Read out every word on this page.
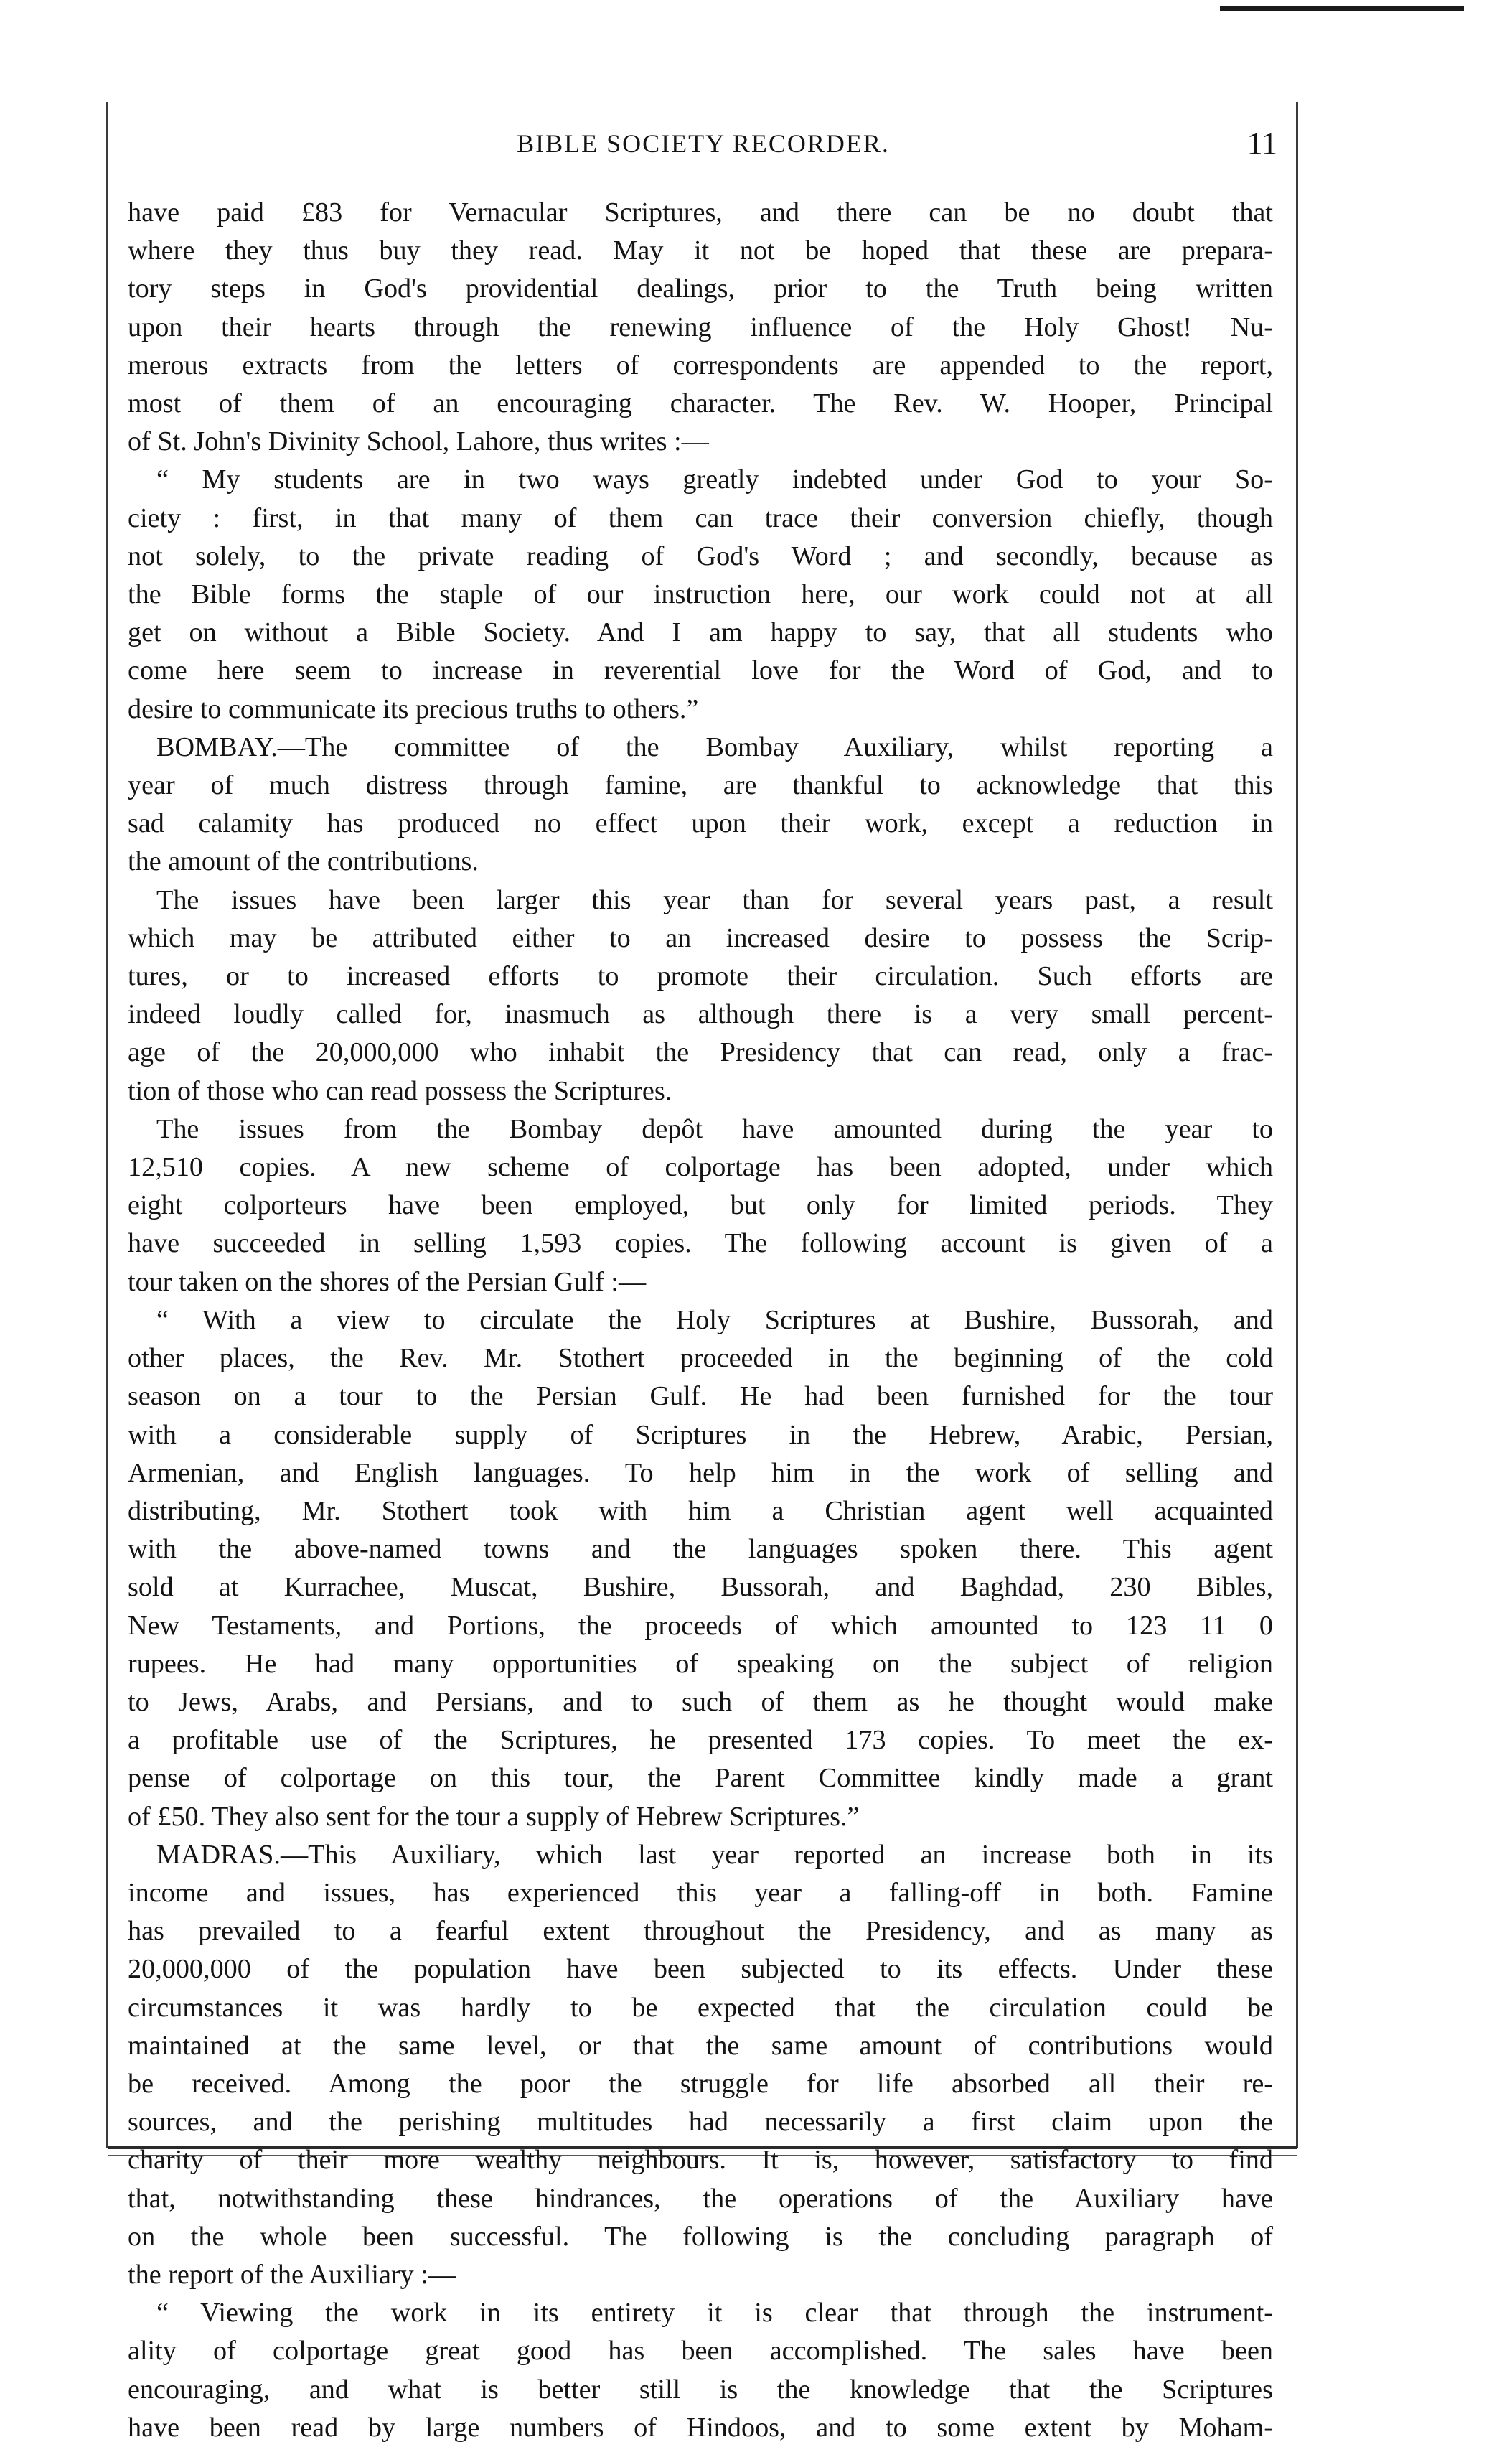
BIBLE SOCIETY RECORDER.	11

have paid £83 for Vernacular Scriptures, and there can be no doubt that

where they thus buy they read. May it not be hoped that these are prepara-

tory steps in God's providential dealings, prior to the Truth being written

upon their hearts through the renewing influence of the Holy Ghost! Nu-

merous extracts from the letters of correspondents are appended to the report,

most of them of an encouraging character. The Rev. W. Hooper, Principal

of St. John's Divinity School, Lahore, thus writes :—

“ My students are in two ways greatly indebted under God to your So-

ciety : first, in that many of them can trace their conversion chiefly, though

not solely, to the private reading of God's Word ; and secondly, because as

the Bible forms the staple of our instruction here, our work could not at all

get on without a Bible Society. And I am happy to say, that all students who

come here seem to increase in reverential love for the Word of God, and to

desire to communicate its precious truths to others.”

BOMBAY.—The committee of the Bombay Auxiliary, whilst reporting a

year of much distress through famine, are thankful to acknowledge that this

sad calamity has produced no effect upon their work, except a reduction in

the amount of the contributions.

The issues have been larger this year than for several years past, a result

which may be attributed either to an increased desire to possess the Scrip-

tures, or to increased efforts to promote their circulation. Such efforts are

indeed loudly called for, inasmuch as although there is a very small percent-

age of the 20,000,000 who inhabit the Presidency that can read, only a frac-

tion of those who can read possess the Scriptures.

The issues from the Bombay depôt have amounted during the year to

12,510 copies. A new scheme of colportage has been adopted, under which

eight colporteurs have been employed, but only for limited periods. They

have succeeded in selling 1,593 copies. The following account is given of a

tour taken on the shores of the Persian Gulf :—

“ With a view to circulate the Holy Scriptures at Bushire, Bussorah, and

other places, the Rev. Mr. Stothert proceeded in the beginning of the cold

season on a tour to the Persian Gulf. He had been furnished for the tour

with a considerable supply of Scriptures in the Hebrew, Arabic, Persian,

Armenian, and English languages. To help him in the work of selling and

distributing, Mr. Stothert took with him a Christian agent well acquainted

with the above-named towns and the languages spoken there. This agent

sold at Kurrachee, Muscat, Bushire, Bussorah, and Baghdad, 230 Bibles,

New Testaments, and Portions, the proceeds of which amounted to 123 11 0

rupees. He had many opportunities of speaking on the subject of religion

to Jews, Arabs, and Persians, and to such of them as he thought would make

a profitable use of the Scriptures, he presented 173 copies. To meet the ex-

pense of colportage on this tour, the Parent Committee kindly made a grant

of £50. They also sent for the tour a supply of Hebrew Scriptures.”

MADRAS.—This Auxiliary, which last year reported an increase both in its

income and issues, has experienced this year a falling-off in both. Famine

has prevailed to a fearful extent throughout the Presidency, and as many as

20,000,000 of the population have been subjected to its effects. Under these

circumstances it was hardly to be expected that the circulation could be

maintained at the same level, or that the same amount of contributions would

be received. Among the poor the struggle for life absorbed all their re-

sources, and the perishing multitudes had necessarily a first claim upon the

charity of their more wealthy neighbours. It is, however, satisfactory to find

that, notwithstanding these hindrances, the operations of the Auxiliary have

on the whole been successful. The following is the concluding paragraph of

the report of the Auxiliary :—

“ Viewing the work in its entirety it is clear that through the instrument-

ality of colportage great good has been accomplished. The sales have been

encouraging, and what is better still is the knowledge that the Scriptures

have been read by large numbers of Hindoos, and to some extent by Moham-
